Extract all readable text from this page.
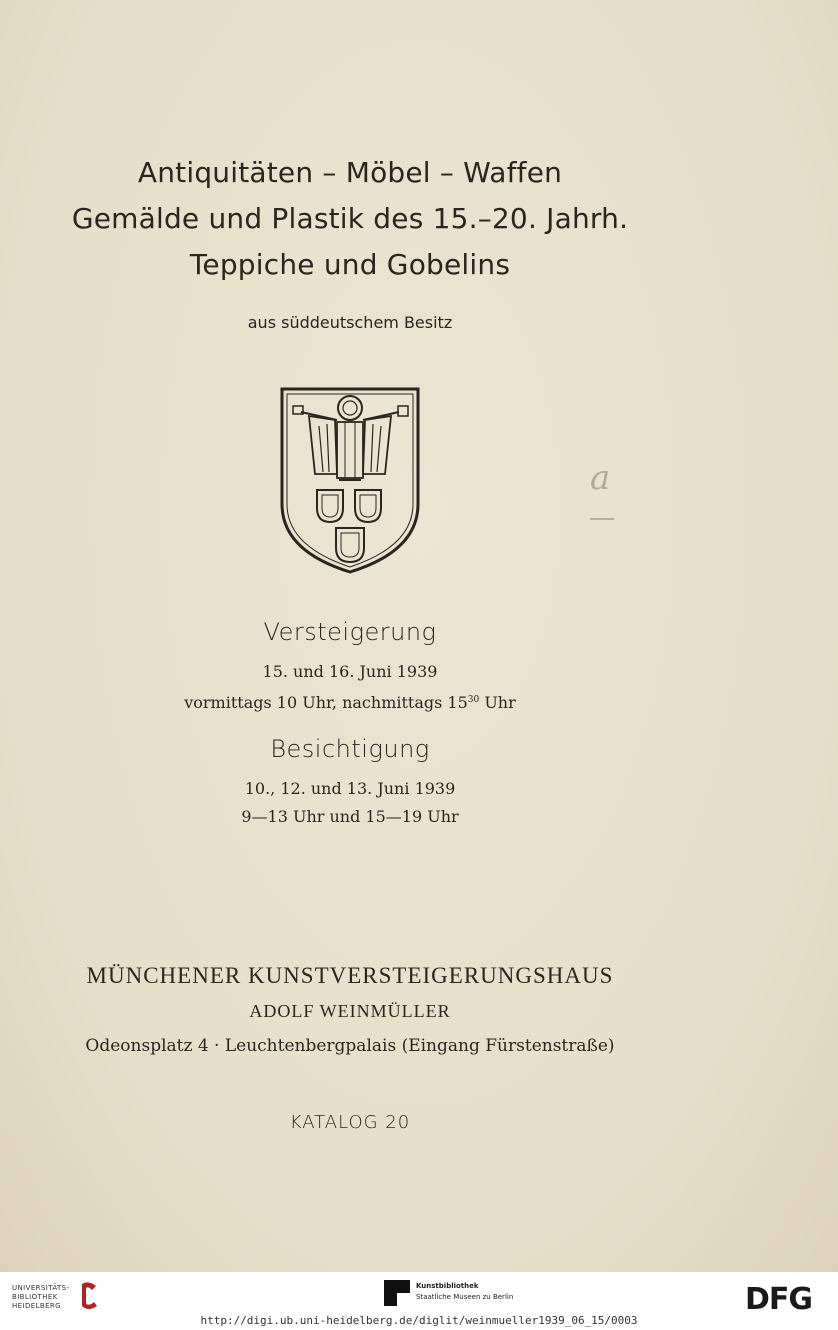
Antiquitäten – Möbel – Waffen
Gemälde und Plastik des 15.–20. Jahrh.
Teppiche und Gobelins
aus süddeutschem Besitz
a
Versteigerung
15. und 16. Juni 1939
vormittags 10 Uhr, nachmittags $15^{30}$ Uhr
Besichtigung
10., 12. und 13. Juni 1939
9—13 Uhr und 15—19 Uhr
MÜNCHENER KUNSTVERSTEIGERUNGSHAUS
ADOLF WEINMÜLLER
Odeonsplatz 4 · Leuchtenbergpalais (Eingang Fürstenstraße)
KATALOG 20
UNIVERSITÄTS-
BIBLIOTHEK
HEIDELBERG
Kunstbibliothek
Staatliche Museen zu Berlin	DFG
http://digi.ub.uni-heidelberg.de/diglit/weinmueller1939_06_15/0003
